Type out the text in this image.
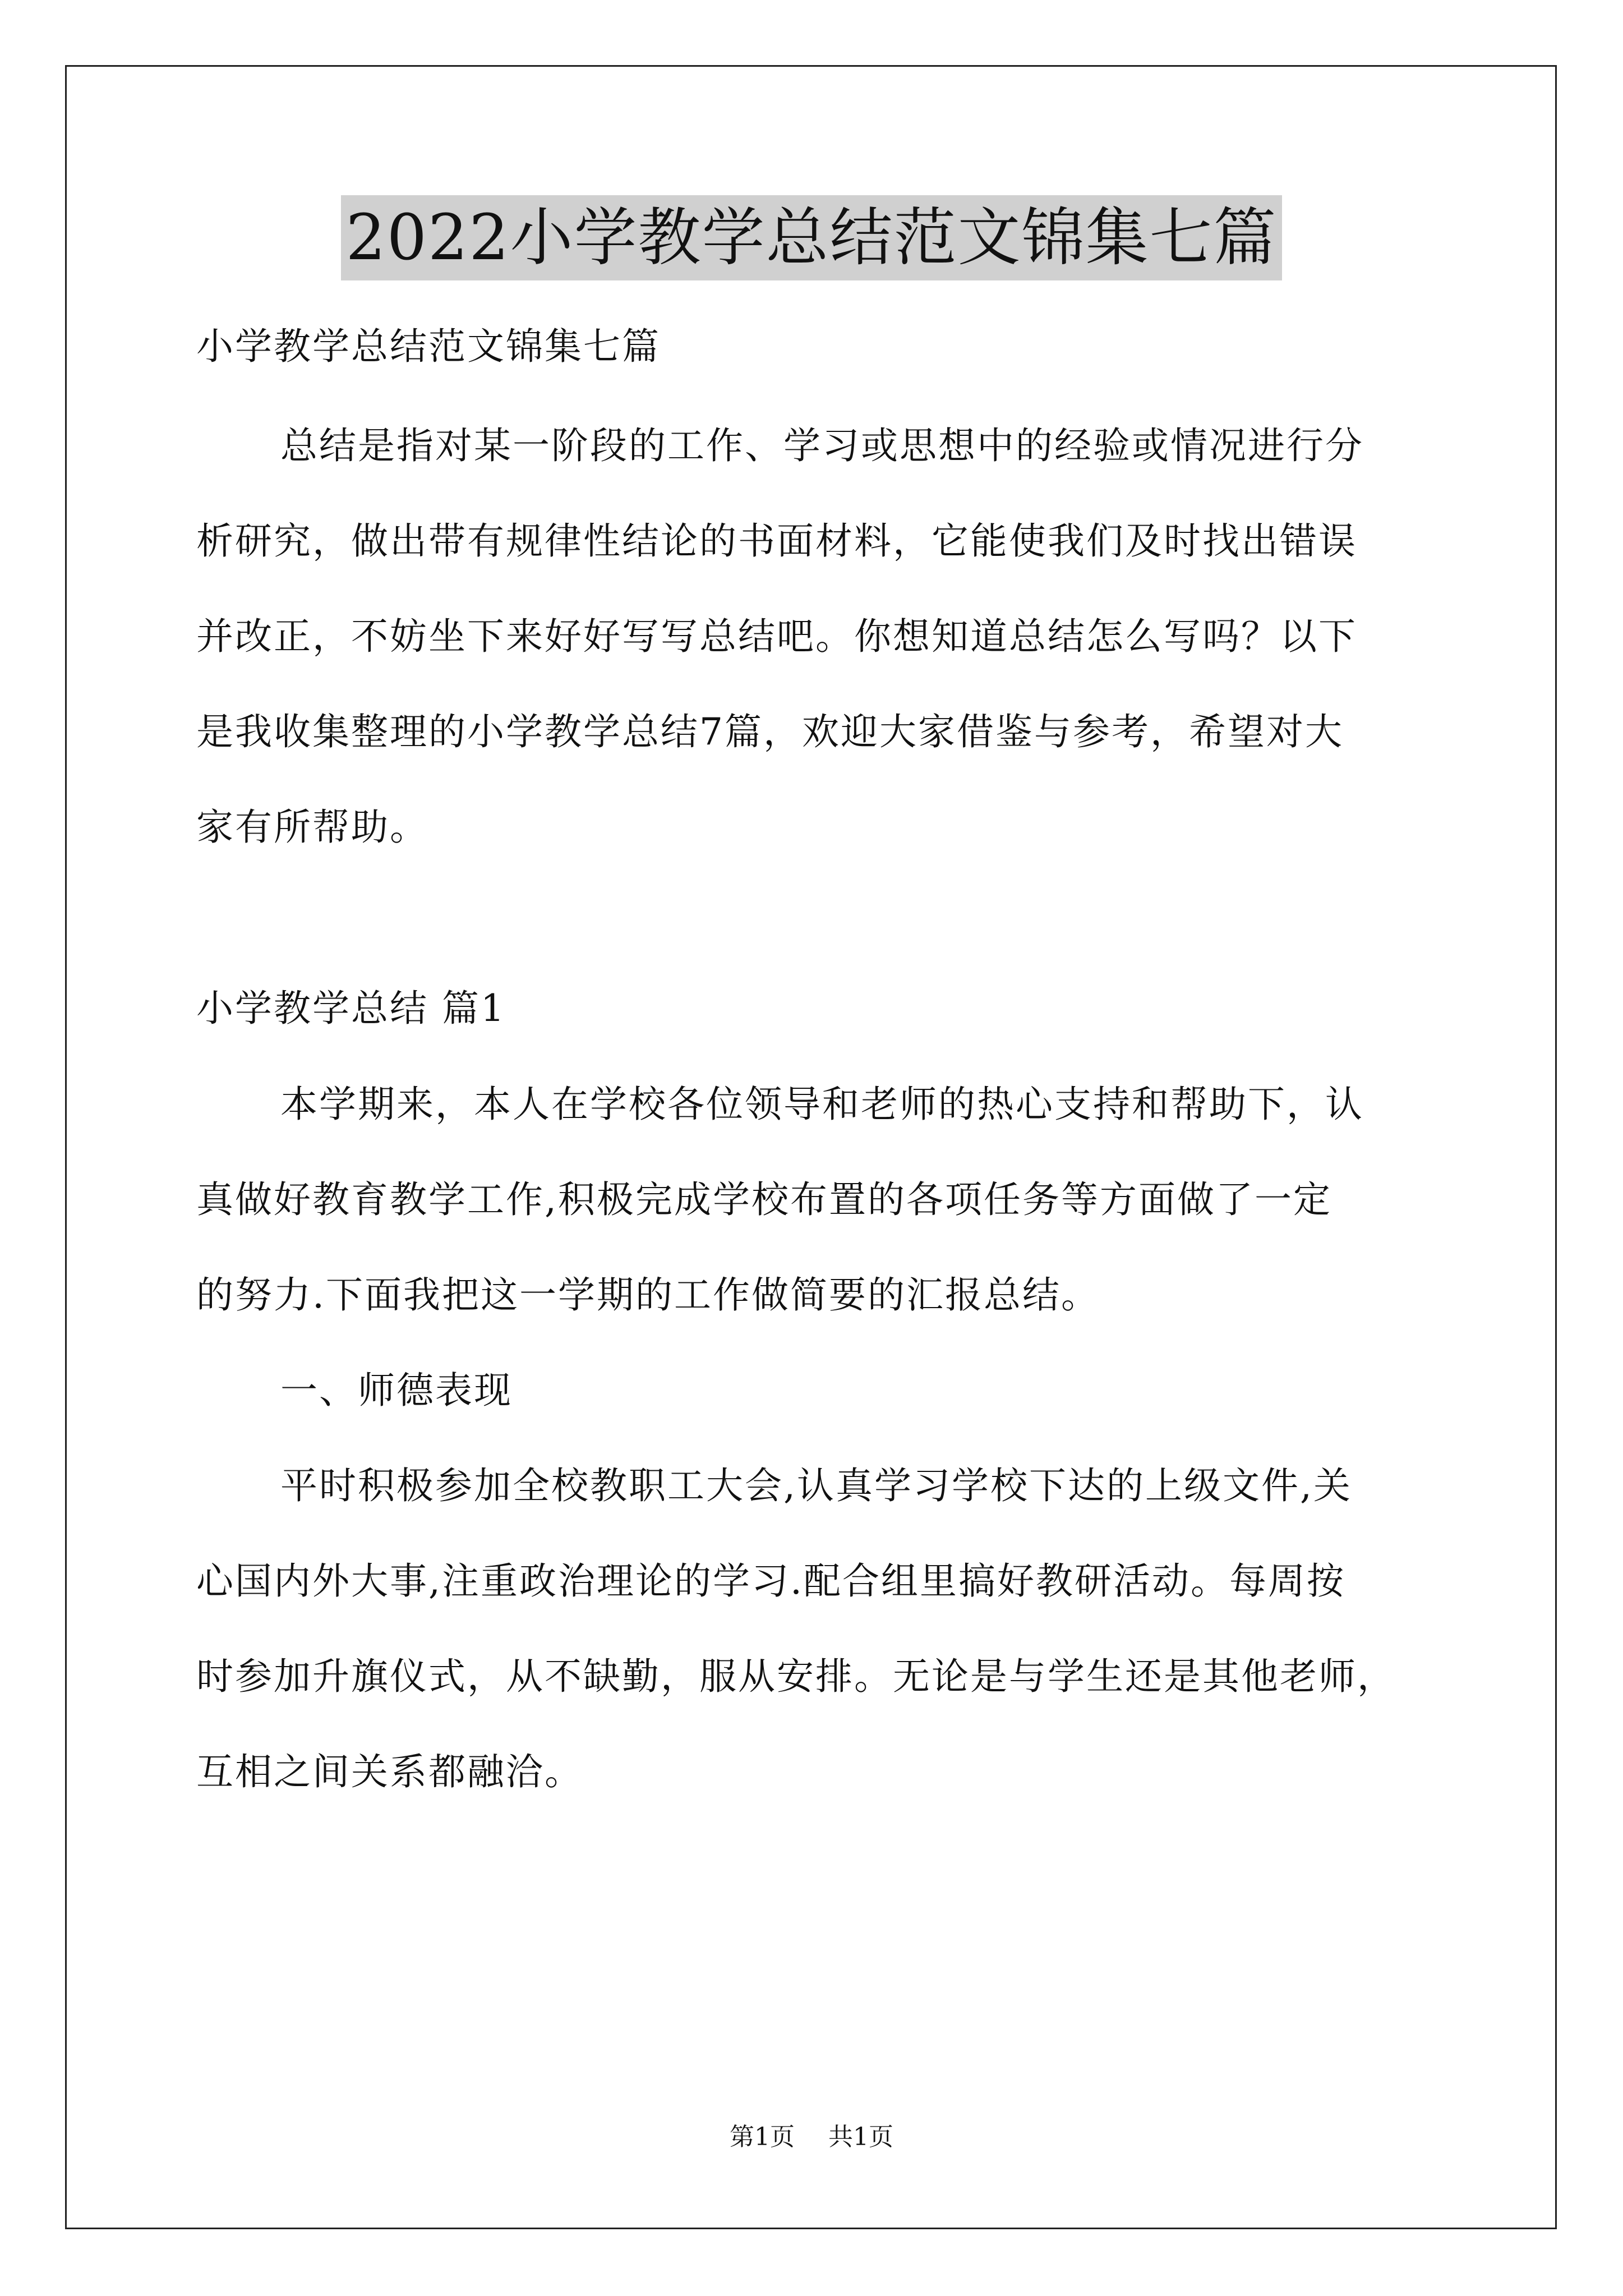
2022小学教学总结范文锦集七篇
小学教学总结范文锦集七篇
总结是指对某一阶段的工作、学习或思想中的经验或情况进行分
析研究，做出带有规律性结论的书面材料，它能使我们及时找出错误
并改正，不妨坐下来好好写写总结吧。你想知道总结怎么写吗？以下
是我收集整理的小学教学总结7篇，欢迎大家借鉴与参考，希望对大
家有所帮助。
小学教学总结 篇1
本学期来，本人在学校各位领导和老师的热心支持和帮助下，认
真做好教育教学工作,积极完成学校布置的各项任务等方面做了一定
的努力.下面我把这一学期的工作做简要的汇报总结。
一、师德表现
平时积极参加全校教职工大会,认真学习学校下达的上级文件,关
心国内外大事,注重政治理论的学习.配合组里搞好教研活动。每周按
时参加升旗仪式，从不缺勤，服从安排。无论是与学生还是其他老师，
互相之间关系都融洽。
第1页 共1页
